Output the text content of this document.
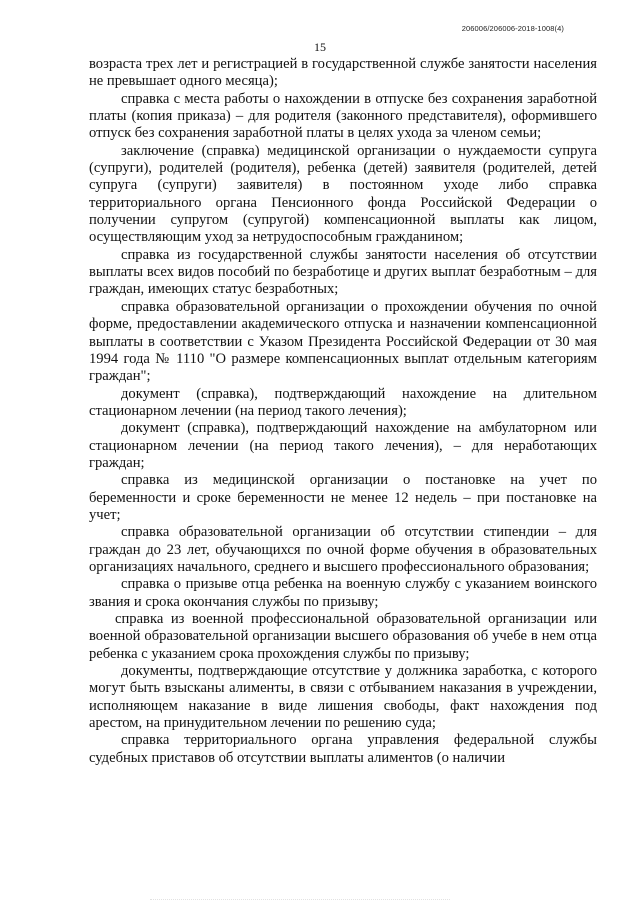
206006/206006-2018-1008(4)
15

возраста трех лет и регистрацией в государственной службе занятости населения не превышает одного месяца);

справка с места работы о нахождении в отпуске без сохранения заработной платы (копия приказа) – для родителя (законного представителя), оформившего отпуск без сохранения заработной платы в целях ухода за членом семьи;

заключение (справка) медицинской организации о нуждаемости супруга (супруги), родителей (родителя), ребенка (детей) заявителя (родителей, детей супруга (супруги) заявителя) в постоянном уходе либо справка территориального органа Пенсионного фонда Российской Федерации о получении супругом (супругой) компенсационной выплаты как лицом, осуществляющим уход за нетрудоспособным гражданином;

справка из государственной службы занятости населения об отсутствии выплаты всех видов пособий по безработице и других выплат безработным – для граждан, имеющих статус безработных;

справка образовательной организации о прохождении обучения по очной форме, предоставлении академического отпуска и назначении компенсационной выплаты в соответствии с Указом Президента Российской Федерации от 30 мая 1994 года № 1110 "О размере компенсационных выплат отдельным категориям граждан";

документ (справка), подтверждающий нахождение на длительном стационарном лечении (на период такого лечения);

документ (справка), подтверждающий нахождение на амбулаторном или стационарном лечении (на период такого лечения), – для неработающих граждан;

справка из медицинской организации о постановке на учет по беременности и сроке беременности не менее 12 недель – при постановке на учет;

справка образовательной организации об отсутствии стипендии – для граждан до 23 лет, обучающихся по очной форме обучения в образовательных организациях начального, среднего и высшего профессионального образования;

справка о призыве отца ребенка на военную службу с указанием воинского звания и срока окончания службы по призыву;

справка из военной профессиональной образовательной организации или военной образовательной организации высшего образования об учебе в нем отца ребенка с указанием срока прохождения службы по призыву;

документы, подтверждающие отсутствие у должника заработка, с которого могут быть взысканы алименты, в связи с отбыванием наказания в учреждении, исполняющем наказание в виде лишения свободы, факт нахождения под арестом, на принудительном лечении по решению суда;

справка территориального органа управления федеральной службы судебных приставов об отсутствии выплаты алиментов (о наличии
